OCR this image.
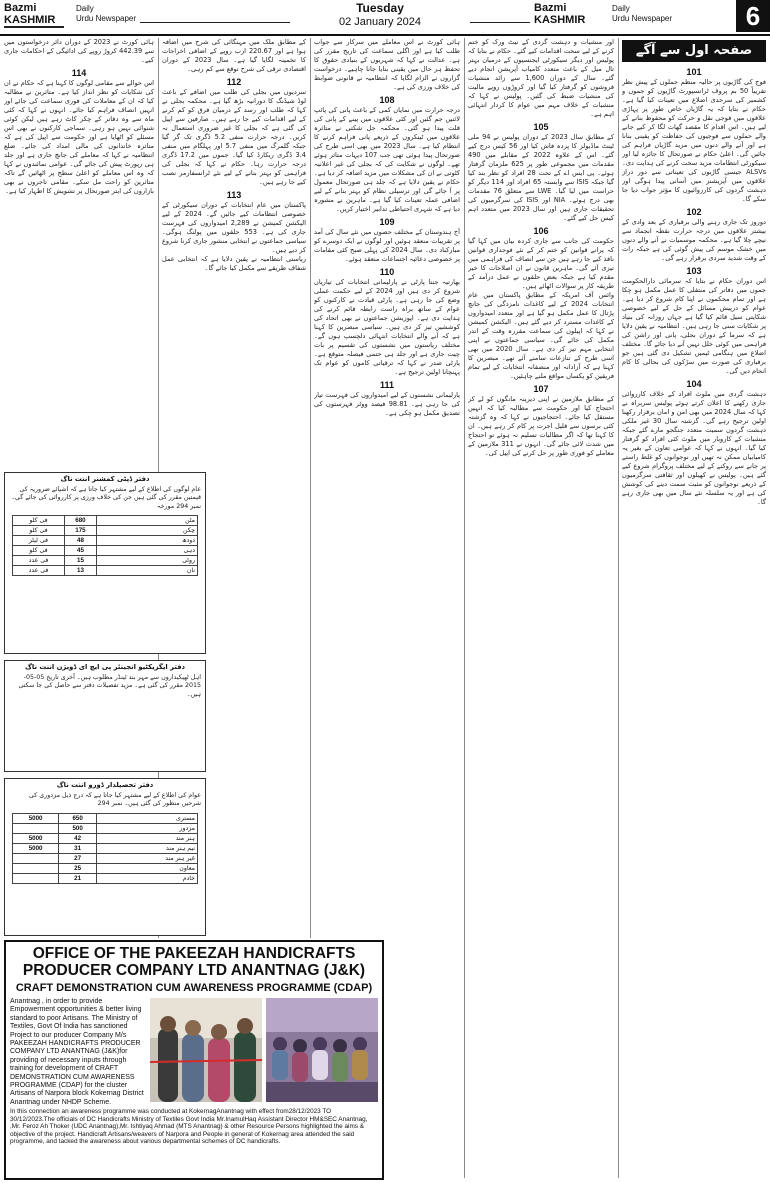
Bazmi
KASHMIR
Daily
Urdu Newspaper
Tuesday
02 January 2024
Bazmi
KASHMIR
Daily
Urdu Newspaper	6
صفحہ اول سے آگے
101
فوج کی گاڑیوں پر حالیہ منظم حملوں کے پیش نظر تقریباً 50 بم پروف ٹرانسپورٹ گاڑیوں کو جموں و کشمیر کی سرحدی اضلاع میں تعینات کیا گیا ہے۔ حکام نے بتایا کہ یہ گاڑیاں خاص طور پر پہاڑی علاقوں میں فوجی نقل و حرکت کو محفوظ بنانے کے لیے ہیں۔ اس اقدام کا مقصد گھات لگا کر کیے جانے والے حملوں سے فوجیوں کی حفاظت کو یقینی بنانا ہے اور آنے والے دنوں میں مزید گاڑیاں فراہم کی جائیں گی۔ اعلیٰ حکام نے صورتحال کا جائزہ لیا اور سیکورٹی انتظامات مزید سخت کرنے کی ہدایت دی۔ ALSVs جیسی گاڑیوں کی تعیناتی سے دور دراز علاقوں میں آپریشنز میں آسانی پیدا ہوگی اور دہشت گردوں کی کارروائیوں کا مؤثر جواب دیا جا سکے گا۔
102
دوروز تک جاری رہنے والی برفباری کے بعد وادی کے بیشتر علاقوں میں درجہ حرارت نقطہ انجماد سے نیچے چلا گیا ہے۔ محکمہ موسمیات نے آنے والے دنوں میں خشک موسم کی پیش گوئی کی ہے جبکہ رات کے وقت شدید سردی برقرار رہے گی۔
103
اس دوران حکام نے بتایا کہ سرمائی دارالحکومت جموں میں دفاتر کی منتقلی کا عمل مکمل ہو چکا ہے اور تمام محکموں نے اپنا کام شروع کر دیا ہے۔ عوام کو درپیش مسائل کے حل کے لیے خصوصی شکایتی سیل قائم کیا گیا ہے جہاں روزانہ کی بنیاد پر شکایات سنی جا رہی ہیں۔ انتظامیہ نے یقین دلایا ہے کہ سرما کے دوران بجلی، پانی اور راشن کی فراہمی میں کوئی خلل نہیں آنے دیا جائے گا۔ مختلف اضلاع میں ہنگامی ٹیمیں تشکیل دی گئی ہیں جو برفباری کی صورت میں سڑکوں کی بحالی کا کام انجام دیں گی۔
104
دہشت گردی میں ملوث افراد کے خلاف کارروائی جاری رکھنے کا اعلان کرتے ہوئے پولیس سربراہ نے کہا کہ سال 2024 میں بھی امن و امان برقرار رکھنا اولین ترجیح رہے گی۔ گزشتہ سال 30 غیر ملکی دہشت گردوں سمیت متعدد جنگجو مارے گئے جبکہ منشیات کے کاروبار میں ملوث کئی افراد کو گرفتار کیا گیا۔ انہوں نے کہا کہ عوامی تعاون کے بغیر یہ کامیابیاں ممکن نہ تھیں اور نوجوانوں کو غلط راستے پر جانے سے روکنے کے لیے مختلف پروگرام شروع کیے گئے ہیں۔ پولیس نے کھیلوں اور ثقافتی سرگرمیوں کے ذریعے نوجوانوں کو مثبت سمت دینے کی کوشش کی ہے اور یہ سلسلہ نئے سال میں بھی جاری رہے گا۔
اور منشیات و دہشت گردی کے نیٹ ورک کو ختم کرنے کے لیے سخت اقدامات کیے گئے۔ حکام نے بتایا کہ پولیس اور دیگر سیکورٹی ایجنسیوں کے درمیان بہتر تال میل کے باعث متعدد کامیاب آپریشن انجام دیے گئے۔ سال کے دوران 1,600 سے زائد منشیات فروشوں کو گرفتار کیا گیا اور کروڑوں روپے مالیت کی منشیات ضبط کی گئیں۔ پولیس نے کہا کہ منشیات کے خلاف مہم میں عوام کا کردار انتہائی اہم ہے۔
105
کے مطابق سال 2023 کے دوران پولیس نے 94 ملی ٹینٹ ماڈیولز کا پردہ فاش کیا اور 56 کیس درج کیے گئے۔ اس کے علاوہ 2022 کے مقابلے میں 490 مقدمات میں مجموعی طور پر 625 ملزمان گرفتار ہوئے۔ پی ایس اے کے تحت 28 افراد کو نظر بند کیا گیا جبکہ ISIS سے وابستہ 65 افراد اور 114 دیگر کو حراست میں لیا گیا۔ LWE سے متعلق 76 مقدمات بھی درج ہوئے۔ NIA اور ISIS کی سرگرمیوں کی تحقیقات جاری ہیں اور سال 2023 میں متعدد اہم کیس حل کیے گئے۔
106
حکومت کی جانب سے جاری کردہ بیان میں کہا گیا کہ پرانے قوانین کو ختم کر کے نئے فوجداری قوانین نافذ کیے جا رہے ہیں جن سے انصاف کی فراہمی میں تیزی آئے گی۔ ماہرین قانون نے ان اصلاحات کا خیر مقدم کیا ہے جبکہ بعض حلقوں نے عمل درآمد کے طریقہ کار پر سوالات اٹھائے ہیں۔
وائس آف امریکہ کے مطابق پاکستان میں عام انتخابات 2024 کے لیے کاغذات نامزدگی کی جانچ پڑتال کا عمل مکمل ہو گیا ہے اور متعدد امیدواروں کے کاغذات مسترد کر دیے گئے ہیں۔ الیکشن کمیشن نے کہا کہ اپیلوں کی سماعت مقررہ وقت کے اندر مکمل کی جائے گی۔ سیاسی جماعتوں نے اپنی انتخابی مہم تیز کر دی ہے۔ سال 2020 میں بھی اسی طرح کے تنازعات سامنے آئے تھے۔ مبصرین کا کہنا ہے کہ آزادانہ اور منصفانہ انتخابات کے لیے تمام فریقین کو یکساں مواقع ملنے چاہئیں۔
107
کے مطابق ملازمین نے اپنی دیرینہ مانگوں کو لے کر احتجاج کیا اور حکومت سے مطالبہ کیا کہ انہیں مستقل کیا جائے۔ احتجاجیوں نے کہا کہ وہ گزشتہ کئی برسوں سے قلیل اجرت پر کام کر رہے ہیں۔ ان کا کہنا تھا کہ اگر مطالبات تسلیم نہ ہوئے تو احتجاج میں شدت لائی جائے گی۔ انہوں نے 311 ملازمین کے معاملے کو فوری طور پر حل کرنے کی اپیل کی۔
ہائی کورٹ نے اس معاملے میں سرکار سے جواب طلب کیا ہے اور اگلی سماعت کی تاریخ مقرر کی ہے۔ عدالت نے کہا کہ شہریوں کے بنیادی حقوق کا تحفظ ہر حال میں یقینی بنایا جانا چاہیے۔ درخواست گزاروں نے الزام لگایا کہ انتظامیہ نے قانونی ضوابط کی خلاف ورزی کی ہے۔
108
درجہ حرارت میں نمایاں کمی کے باعث پانی کی پائپ لائنیں جم گئیں اور کئی علاقوں میں پینے کے پانی کی قلت پیدا ہو گئی۔ محکمہ جل شکتی نے متاثرہ علاقوں میں ٹینکروں کے ذریعے پانی فراہم کرنے کا انتظام کیا ہے۔ سال 2023 میں بھی اسی طرح کی صورتحال پیدا ہوئی تھی جب 107 دیہات متاثر ہوئے تھے۔ لوگوں نے شکایت کی کہ بجلی کی غیر اعلانیہ کٹوتی نے ان کی مشکلات میں مزید اضافہ کر دیا ہے۔ حکام نے یقین دلایا ہے کہ جلد ہی صورتحال معمول پر آ جائے گی اور ترسیلی نظام کو بہتر بنانے کے لیے اضافی عملہ تعینات کیا گیا ہے۔ ماہرین نے مشورہ دیا ہے کہ شہری احتیاطی تدابیر اختیار کریں۔
109
آج ہندوستان کے مختلف حصوں میں نئے سال کی آمد پر تقریبات منعقد ہوئیں اور لوگوں نے ایک دوسرے کو مبارکباد دی۔ سال 2024 کی پہلی صبح کئی مقامات پر خصوصی دعائیہ اجتماعات منعقد ہوئے۔
110
بھارتیہ جنتا پارٹی نے پارلیمانی انتخابات کی تیاریاں شروع کر دی ہیں اور 2024 کے لیے حکمت عملی وضع کی جا رہی ہے۔ پارٹی قیادت نے کارکنوں کو عوام کے ساتھ براہ راست رابطہ قائم کرنے کی ہدایت دی ہے۔ اپوزیشن جماعتوں نے بھی اتحاد کی کوششیں تیز کر دی ہیں۔ سیاسی مبصرین کا کہنا ہے کہ آنے والے انتخابات انتہائی دلچسپ ہوں گے۔ مختلف ریاستوں میں نشستوں کی تقسیم پر بات چیت جاری ہے اور جلد ہی حتمی فیصلہ متوقع ہے۔ پارٹی صدر نے کہا کہ ترقیاتی کاموں کو عوام تک پہنچانا اولین ترجیح ہے۔
111
پارلیمانی نشستوں کے لیے امیدواروں کی فہرست تیار کی جا رہی ہے۔ 98.81 فیصد ووٹر فہرستوں کی تصدیق مکمل ہو چکی ہے۔
کے مطابق ملک میں مہنگائی کی شرح میں اضافہ ہوا ہے اور 220.67 ارب روپے کے اضافی اخراجات کا تخمینہ لگایا گیا ہے۔ سال 2023 کے دوران اقتصادی ترقی کی شرح توقع سے کم رہی۔
112
سردیوں میں بجلی کی طلب میں اضافے کے باعث لوڈ شیڈنگ کا دورانیہ بڑھ گیا ہے۔ محکمہ بجلی نے کہا کہ طلب اور رسد کے درمیان فرق کو کم کرنے کے لیے اقدامات کیے جا رہے ہیں۔ صارفین سے اپیل کی گئی ہے کہ بجلی کا غیر ضروری استعمال نہ کریں۔ درجہ حرارت منفی 5.2 ڈگری تک گر گیا جبکہ گلمرگ میں منفی 5.7 اور پہلگام میں منفی 3.4 ڈگری ریکارڈ کیا گیا۔ جموں میں 17.2 ڈگری درجہ حرارت رہا۔ حکام نے کہا کہ بجلی کی فراہمی کو بہتر بنانے کے لیے نئے ٹرانسفارمر نصب کیے جا رہے ہیں۔
113
پاکستان میں عام انتخابات کے دوران سیکورٹی کے خصوصی انتظامات کیے جائیں گے۔ 2024 کے لیے الیکشن کمیشن نے 2,289 امیدواروں کی فہرست جاری کی ہے۔ 553 حلقوں میں پولنگ ہوگی۔ سیاسی جماعتوں نے انتخابی منشور جاری کرنا شروع کر دیے ہیں۔
ریاستی انتظامیہ نے یقین دلایا ہے کہ انتخابی عمل شفاف طریقے سے مکمل کیا جائے گا۔
ہائی کورٹ نے 2023 کے دوران دائر درخواستوں میں سے 442.39 کروڑ روپے کی ادائیگی کے احکامات جاری کیے۔
114
اس حوالے سے مقامی لوگوں کا کہنا ہے کہ حکام نے ان کی شکایات کو نظر انداز کیا ہے۔ متاثرین نے مطالبہ کیا کہ ان کے معاملات کی فوری سماعت کی جائے اور انہیں انصاف فراہم کیا جائے۔ انہوں نے کہا کہ کئی ماہ سے وہ دفاتر کے چکر کاٹ رہے ہیں لیکن کوئی شنوائی نہیں ہو رہی۔ سماجی کارکنوں نے بھی اس مسئلے کو اٹھایا ہے اور حکومت سے اپیل کی ہے کہ متاثرہ خاندانوں کی مالی امداد کی جائے۔ ضلع انتظامیہ نے کہا کہ معاملے کی جانچ جاری ہے اور جلد ہی رپورٹ پیش کی جائے گی۔ عوامی نمائندوں نے کہا کہ وہ اس معاملے کو اعلیٰ سطح پر اٹھائیں گے تاکہ متاثرین کو راحت مل سکے۔ مقامی تاجروں نے بھی بازاروں کی ابتر صورتحال پر تشویش کا اظہار کیا ہے۔
دفتر ڈپٹی کمشنر اننت ناگ
عام لوگوں کی اطلاع کے لیے مشتہر کیا جاتا ہے کہ اشیائے ضروریہ کی قیمتیں مقرر کی گئی ہیں جن کی خلاف ورزی پر کارروائی کی جائے گی۔ نمبر 294 مورخہ
مٹن	680	فی کلو
چکن	175	فی کلو
دودھ	48	فی لیٹر
دہی	45	فی کلو
روٹی	15	فی عدد
نان	13	فی عدد
دفتر ایگزیکٹیو انجینئر پی ایچ ای ڈویژن اننت ناگ
اہل ٹھیکیداروں سے مہر بند ٹینڈر مطلوب ہیں۔ آخری تاریخ 05-05-2015 مقرر کی گئی ہے۔ مزید تفصیلات دفتر سے حاصل کی جا سکتی ہیں۔
دفتر تحصیلدار ڈورو اننت ناگ
عوام کی اطلاع کے لیے مشتہر کیا جاتا ہے کہ درج ذیل مزدوری کی شرحیں منظور کی گئی ہیں۔ نمبر 294
مستری	650	5000
مزدور	500	
ہنر مند	42	5000
نیم ہنر مند	31	5000
غیر ہنر مند	27	
معاون	25	
خادم	21	
OFFICE OF THE PAKEEZAH HANDICRAFTS PRODUCER COMPANY LTD ANANTNAG (J&K)
CRAFT DEMONSTRATION CUM AWARENESS PROGRAMME (CDAP)
Anantnag , in order to provide Empowerment opportunities & better living standard to poor Artisans. The Ministry of Textiles, Govt Of India has sanctioned Project to our producer Company M/s PAKEEZAH HANDICRAFTS PRODUCER COMPANY LTD ANANTNAG (J&K)for providing of necessary inputs through training for development of CRAFT DEMONSTRATION CUM AWARENESS PROGRAMME (CDAP) for the cluster Artisans of Narpora block Kokernag District Anantnag under NHDP Scheme.
In this connection an awareness programme was conducted at KokernagAnantnag with effect from28/12/2023 TO 30/12/2023.The officials of DC Handicrafts Ministry of Textiles Govt India Mr.InamulHaq Assistant Director HM&SEC Anantnag, ,Mr. Feroz Ah Thoker (UDC Anantnag),Mr. Ishtiyaq Ahmad (MTS Anantnag) & other Resource Persons highlighted the aims & objective of the project. Handicraft Artisans/weavers of Narpora and People in general of Kokernag area attended the said programme, and tacked the awareness about various departmental schemes of DC handicrafts.
